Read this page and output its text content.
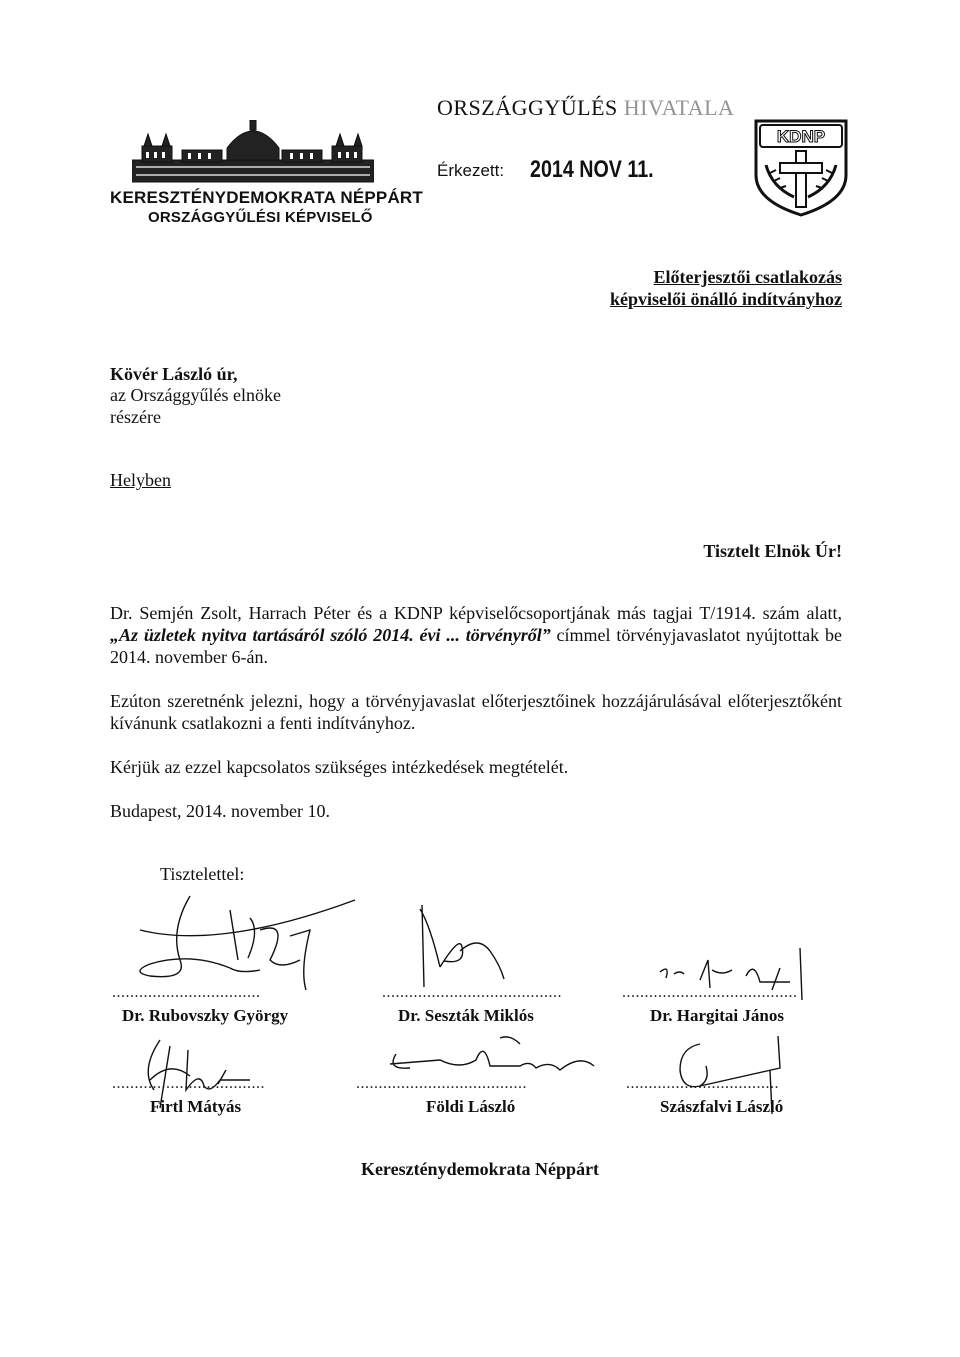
KERESZTÉNYDEMOKRATA NÉPPÁRT
ORSZÁGGYŰLÉSI KÉPVISELŐ
ORSZÁGGYŰLÉS HIVATALA
Érkezett: 2014 NOV 11.
KDNP
Előterjesztői csatlakozás
képviselői önálló indítványhoz
Kövér László úr,
az Országgyűlés elnöke
részére
Helyben
Tisztelt Elnök Úr!
Dr. Semjén Zsolt, Harrach Péter és a KDNP képviselőcsoportjának más tagjai T/1914. szám alatt, „Az üzletek nyitva tartásáról szóló 2014. évi ... törvényről” címmel törvényjavaslatot nyújtottak be 2014. november 6-án.
Ezúton szeretnénk jelezni, hogy a törvényjavaslat előterjesztőinek hozzájárulásával előterjesztőként kívánunk csatlakozni a fenti indítványhoz.
Kérjük az ezzel kapcsolatos szükséges intézkedések megtételét.
Budapest, 2014. november 10.
Tisztelettel:
.................................
Dr. Rubovszky György
........................................
Dr. Seszták Miklós
.......................................
Dr. Hargitai János
..................................
Firtl Mátyás
......................................
Földi László
..................................
Szászfalvi László
Kereszténydemokrata Néppárt
